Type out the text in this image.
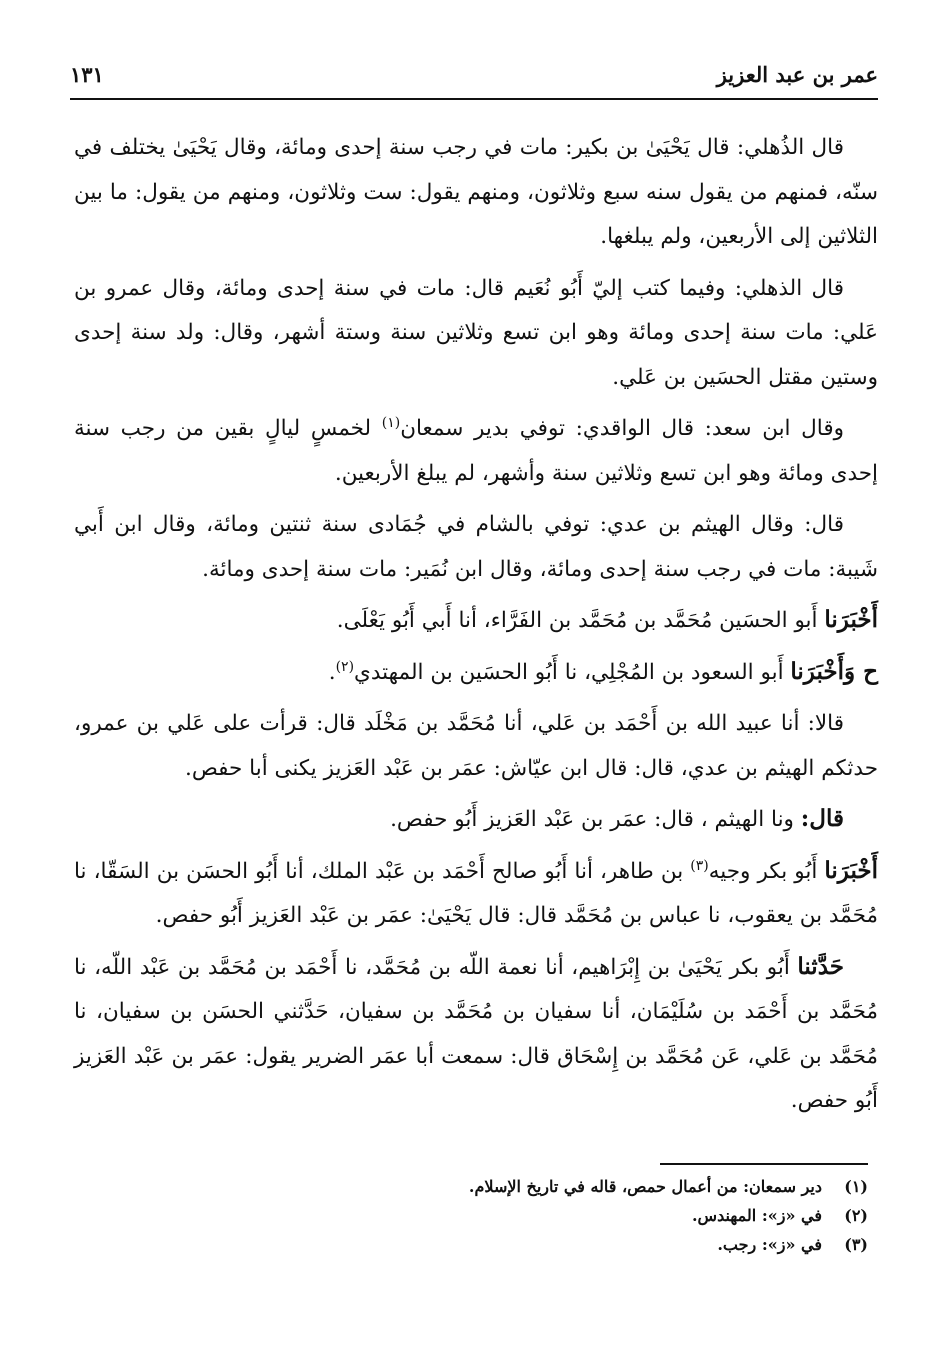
عمر بن عبد العزيز
١٣١

قال الذُهلي: قال يَحْيَىٰ بن بكير: مات في رجب سنة إحدى ومائة، وقال يَحْيَىٰ يختلف في سنّه، فمنهم من يقول سنه سبع وثلاثون، ومنهم يقول: ست وثلاثون، ومنهم من يقول: ما بين الثلاثين إلى الأربعين، ولم يبلغها.

قال الذهلي: وفيما كتب إليّ أَبُو نُعَيم قال: مات في سنة إحدى ومائة، وقال عمرو بن عَلي: مات سنة إحدى ومائة وهو ابن تسع وثلاثين سنة وستة أشهر، وقال: ولد سنة إحدى وستين مقتل الحسَين بن عَلي.

وقال ابن سعد: قال الواقدي: توفي بدير سمعان$^{(١)}$ لخمسٍ ليالٍ بقين من رجب سنة إحدى ومائة وهو ابن تسع وثلاثين سنة وأشهر، لم يبلغ الأربعين.

قال: وقال الهيثم بن عدي: توفي بالشام في جُمَادى سنة ثنتين ومائة، وقال ابن أَبي شَيبة: مات في رجب سنة إحدى ومائة، وقال ابن نُمَير: مات سنة إحدى ومائة.

أَخْبَرَنا أَبو الحسَين مُحَمَّد بن مُحَمَّد بن الفَرَّاء، أنا أَبي أَبُو يَعْلَى.

ح وَأَخْبَرَنا أَبو السعود بن المُجْلِي، نا أَبُو الحسَين بن المهتدي$^{(٢)}$.

قالا: أنا عبيد الله بن أَحْمَد بن عَلي، أنا مُحَمَّد بن مَخْلَد قال: قرأت على عَلي بن عمرو، حدثكم الهيثم بن عدي، قال: قال ابن عيّاش: عمَر بن عَبْد العَزيز يكنى أبا حفص.

قال: ونا الهيثم ، قال: عمَر بن عَبْد العَزيز أَبُو حفص.

أَخْبَرَنا أَبُو بكر وجيه$^{(٣)}$ بن طاهر، أنا أَبُو صالح أَحْمَد بن عَبْد الملك، أنا أَبُو الحسَن بن السَقّا، نا مُحَمَّد بن يعقوب، نا عباس بن مُحَمَّد قال: قال يَحْيَىٰ: عمَر بن عَبْد العَزيز أَبُو حفص.

حَدَّثنا أَبُو بكر يَحْيَىٰ بن إِبْرَاهيم، أنا نعمة اللّه بن مُحَمَّد، نا أَحْمَد بن مُحَمَّد بن عَبْد اللّه، نا مُحَمَّد بن أَحْمَد بن سُلَيْمَان، أنا سفيان بن مُحَمَّد بن سفيان، حَدَّثني الحسَن بن سفيان، نا مُحَمَّد بن عَلي، عَن مُحَمَّد بن إِسْحَاق قال: سمعت أبا عمَر الضرير يقول: عمَر بن عَبْد العَزيز أَبُو حفص.

(١)دير سمعان: من أعمال حمص، قاله في تاريخ الإسلام.

(٢)في «ز»: المهندس.

(٣)في «ز»: رجب.
